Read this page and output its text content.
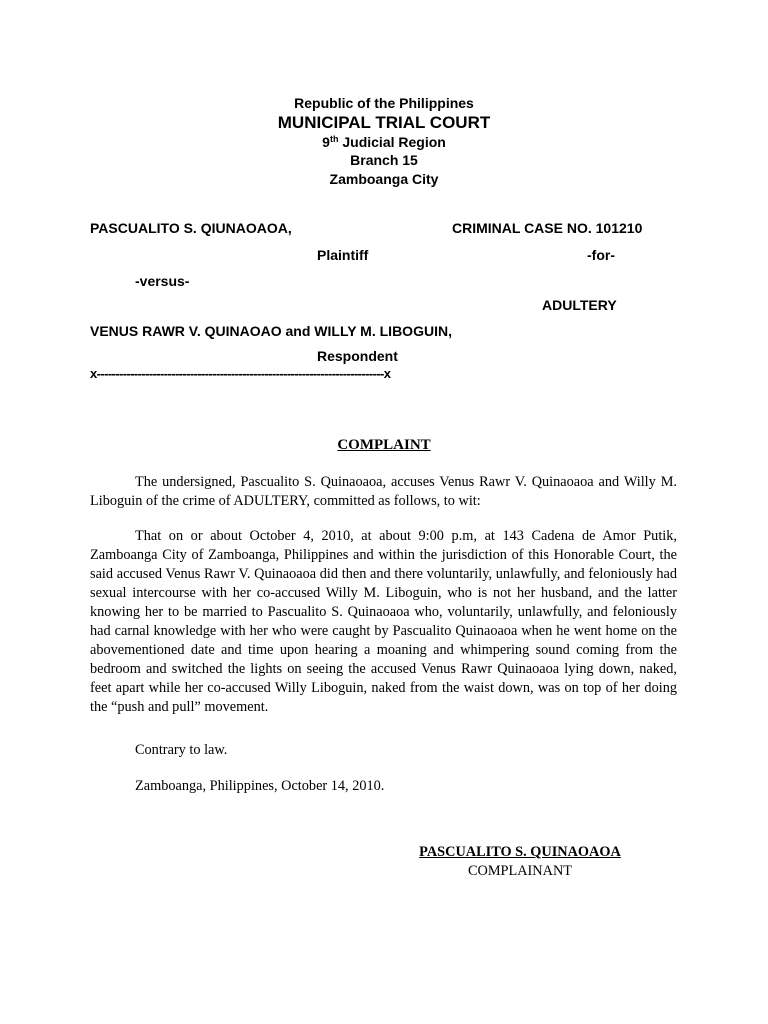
Republic of the Philippines
MUNICIPAL TRIAL COURT
9th Judicial Region
Branch 15
Zamboanga City
PASCUALITO S. QIUNAOAOA,	CRIMINAL CASE NO. 101210
Plaintiff	-for-
-versus-
ADULTERY
VENUS RAWR V. QUINAOAO and WILLY M. LIBOGUIN,
Respondent
x-----------------------------------------------------------------------------x
COMPLAINT

The undersigned, Pascualito S. Quinaoaoa, accuses Venus Rawr V. Quinaoaoa and Willy M. Liboguin of the crime of ADULTERY, committed as follows, to wit:

That on or about October 4, 2010, at about 9:00 p.m, at 143 Cadena de Amor Putik, Zamboanga City of Zamboanga, Philippines and within the jurisdiction of this Honorable Court, the said accused Venus Rawr V. Quinaoaoa did then and there voluntarily, unlawfully, and feloniously had sexual intercourse with her co-accused Willy M. Liboguin, who is not her husband, and the latter knowing her to be married to Pascualito S. Quinaoaoa who, voluntarily, unlawfully, and feloniously had carnal knowledge with her who were caught by Pascualito Quinaoaoa when he went home on the abovementioned date and time upon hearing a moaning and whimpering sound coming from the bedroom and switched the lights on seeing the accused Venus Rawr Quinaoaoa lying down, naked, feet apart while her co-accused Willy Liboguin, naked from the waist down, was on top of her doing the “push and pull” movement.

Contrary to law.

Zamboanga, Philippines, October 14, 2010.

PASCUALITO S. QUINAOAOA
COMPLAINANT
